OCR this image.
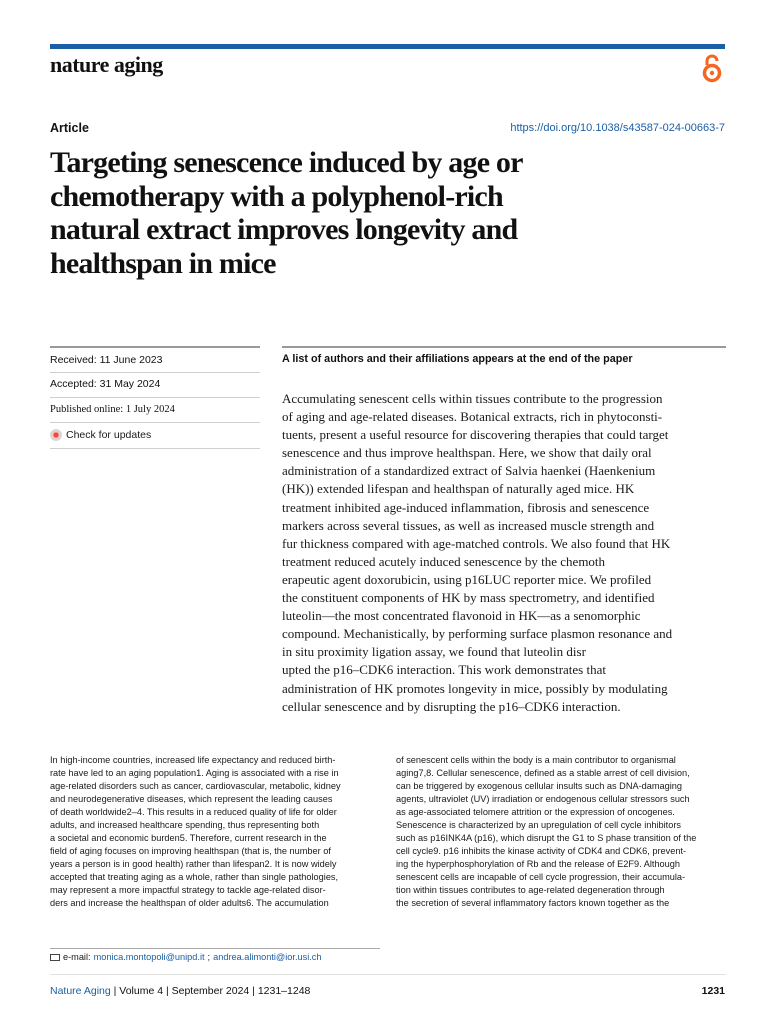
nature aging
Article	https://doi.org/10.1038/s43587-024-00663-7
Targeting senescence induced by age or
chemotherapy with a polyphenol-rich
natural extract improves longevity and
healthspan in mice
Received: 11 June 2023
Accepted: 31 May 2024
Published online: 1 July 2024
Check for updates
A list of authors and their affiliations appears at the end of the paper
Accumulating senescent cells within tissues contribute to the progression
of aging and age-related diseases. Botanical extracts, rich in phytoconsti-
tuents, present a useful resource for discovering therapies that could target
senescence and thus improve healthspan. Here, we show that daily oral
administration of a standardized extract of Salvia haenkei (Haenkenium
(HK)) extended lifespan and healthspan of naturally aged mice. HK
treatment inhibited age-induced inflammation, fibrosis and senescence
markers across several tissues, as well as increased muscle strength and
fur thickness compared with age-matched controls. We also found that HK
treatment reduced acutely induced senescence by the chemoth
erapeutic agent doxorubicin, using p16LUC reporter mice. We profiled
the constituent components of HK by mass spectrometry, and identified
luteolin—the most concentrated flavonoid in HK—as a senomorphic
compound. Mechanistically, by performing surface plasmon resonance and
in situ proximity ligation assay, we found that luteolin disr
upted the p16–CDK6 interaction. This work demonstrates that
administration of HK promotes longevity in mice, possibly by modulating
cellular senescence and by disrupting the p16–CDK6 interaction.
In high-income countries, increased life expectancy and reduced birth-
rate have led to an aging population1. Aging is associated with a rise in
age-related disorders such as cancer, cardiovascular, metabolic, kidney
and neurodegenerative diseases, which represent the leading causes
of death worldwide2–4. This results in a reduced quality of life for older
adults, and increased healthcare spending, thus representing both
a societal and economic burden5. Therefore, current research in the
field of aging focuses on improving healthspan (that is, the number of
years a person is in good health) rather than lifespan2. It is now widely
accepted that treating aging as a whole, rather than single pathologies,
may represent a more impactful strategy to tackle age-related disor-
ders and increase the healthspan of older adults6. The accumulation
of senescent cells within the body is a main contributor to organismal
aging7,8. Cellular senescence, defined as a stable arrest of cell division,
can be triggered by exogenous cellular insults such as DNA-damaging
agents, ultraviolet (UV) irradiation or endogenous cellular stressors such
as age-associated telomere attrition or the expression of oncogenes.
Senescence is characterized by an upregulation of cell cycle inhibitors
such as p16INK4A (p16), which disrupt the G1 to S phase transition of the
cell cycle9. p16 inhibits the kinase activity of CDK4 and CDK6, prevent-
ing the hyperphosphorylation of Rb and the release of E2F9. Although
senescent cells are incapable of cell cycle progression, their accumula-
tion within tissues contributes to age-related degeneration through
the secretion of several inflammatory factors known together as the
e-mail: monica.montopoli@unipd.it ; andrea.alimonti@ior.usi.ch
Nature Aging | Volume 4 | September 2024 | 1231–1248	1231
